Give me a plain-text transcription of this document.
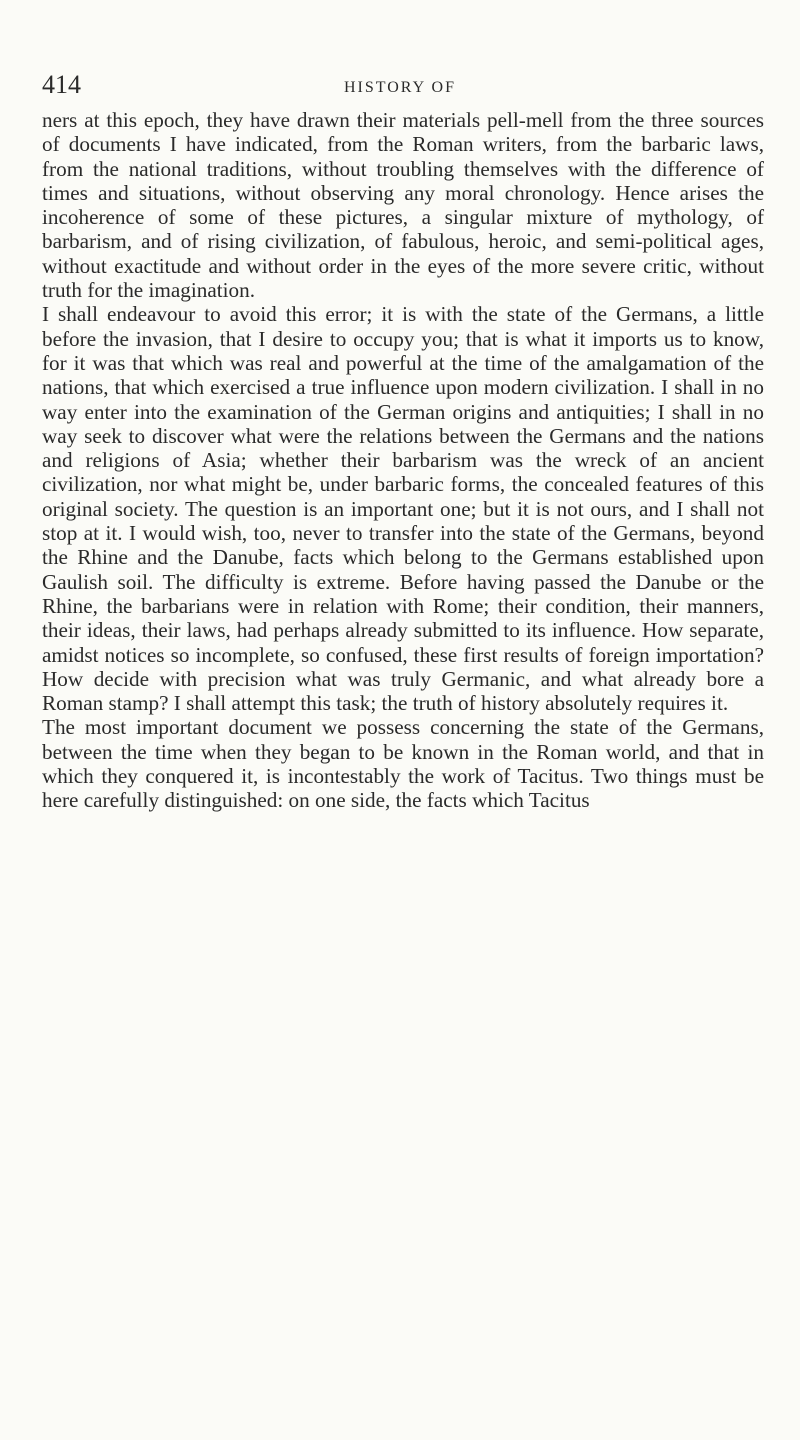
414	HISTORY OF

ners at this epoch, they have drawn their materials pell-mell from the three sources of documents I have indicated, from the Roman writers, from the barbaric laws, from the national traditions, without troubling themselves with the difference of times and situations, without observing any moral chronology. Hence arises the incoherence of some of these pictures, a singular mixture of mythology, of barbarism, and of rising civilization, of fabulous, heroic, and semi-political ages, without exactitude and without order in the eyes of the more severe critic, without truth for the imagination.

I shall endeavour to avoid this error; it is with the state of the Germans, a little before the invasion, that I desire to occupy you; that is what it imports us to know, for it was that which was real and powerful at the time of the amalgamation of the nations, that which exercised a true influence upon modern civilization. I shall in no way enter into the examination of the German origins and antiquities; I shall in no way seek to discover what were the relations between the Germans and the nations and religions of Asia; whether their barbarism was the wreck of an ancient civilization, nor what might be, under barbaric forms, the concealed features of this original society. The question is an important one; but it is not ours, and I shall not stop at it. I would wish, too, never to transfer into the state of the Germans, beyond the Rhine and the Danube, facts which belong to the Germans established upon Gaulish soil. The difficulty is extreme. Before having passed the Danube or the Rhine, the barbarians were in relation with Rome; their condition, their manners, their ideas, their laws, had perhaps already submitted to its influence. How separate, amidst notices so incomplete, so confused, these first results of foreign importation? How decide with precision what was truly Germanic, and what already bore a Roman stamp? I shall attempt this task; the truth of history absolutely requires it.

The most important document we possess concerning the state of the Germans, between the time when they began to be known in the Roman world, and that in which they conquered it, is incontestably the work of Tacitus. Two things must be here carefully distinguished: on one side, the facts which Tacitus
